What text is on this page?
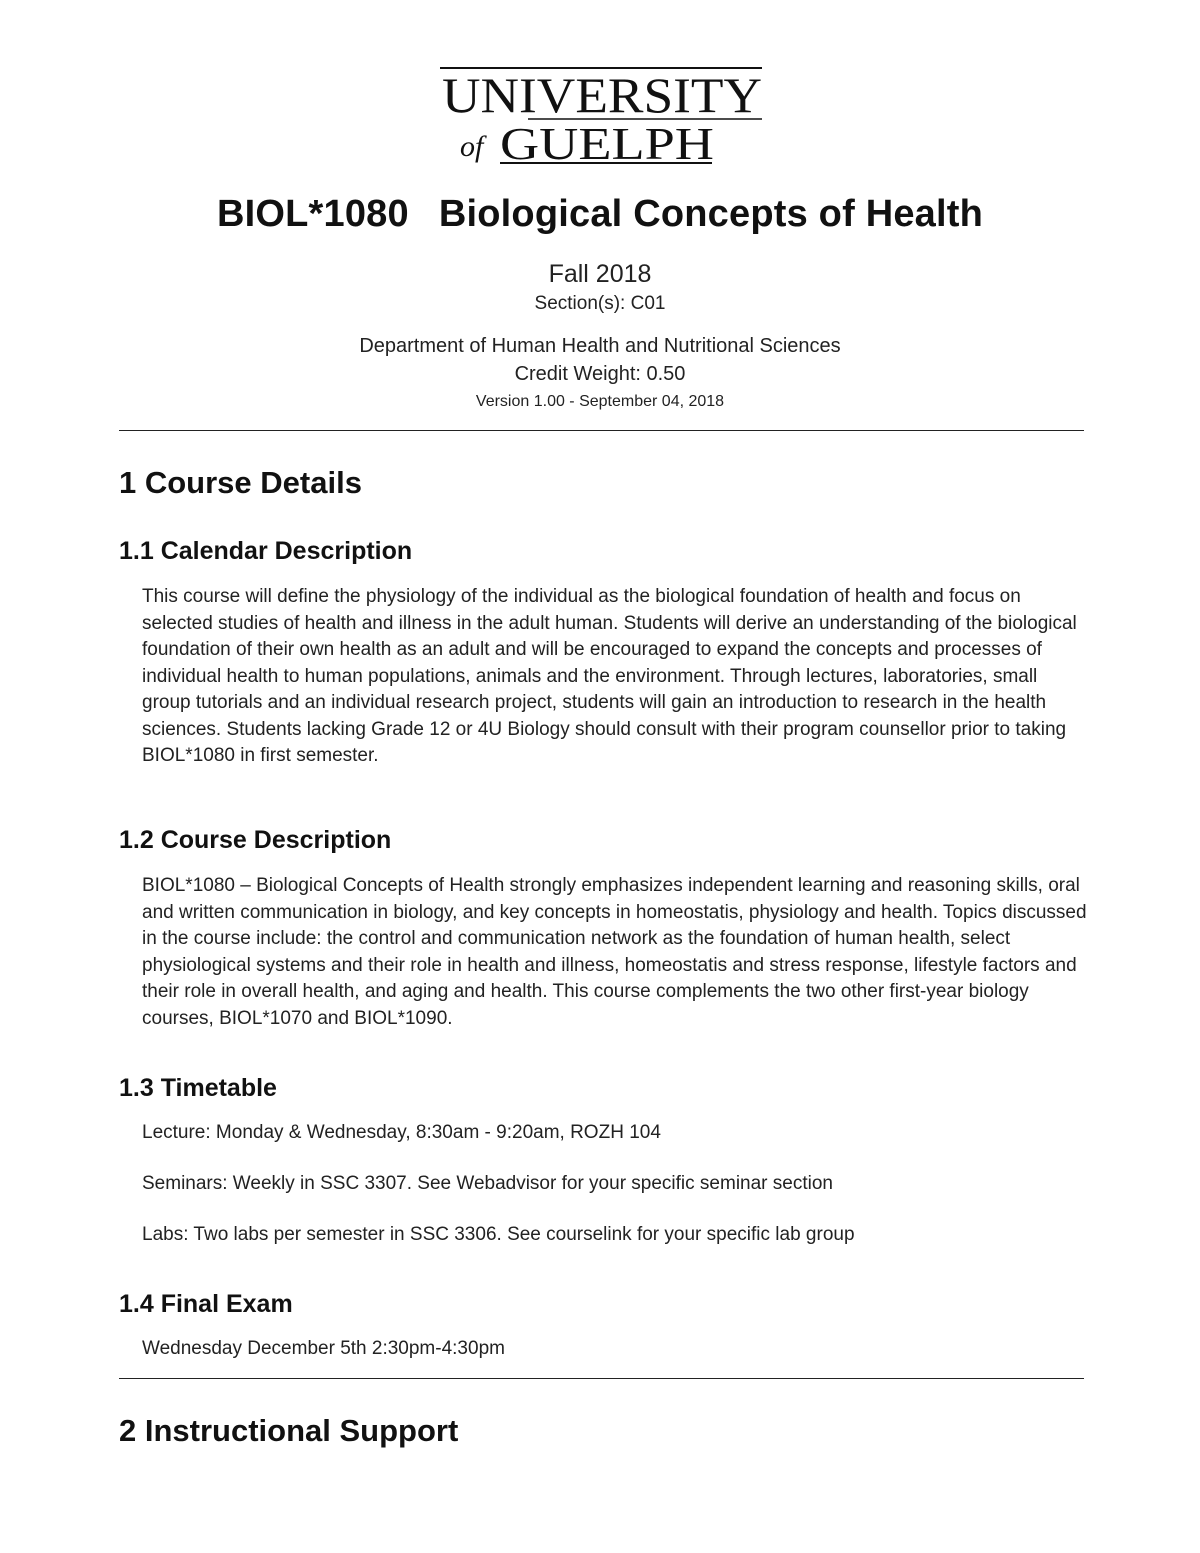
UNIVERSITY
of GUELPH
BIOL*1080 Biological Concepts of Health
Fall 2018
Section(s): C01
Department of Human Health and Nutritional Sciences
Credit Weight: 0.50
Version 1.00 - September 04, 2018
1 Course Details
1.1 Calendar Description
This course will define the physiology of the individual as the biological foundation of health and focus on selected studies of health and illness in the adult human. Students will derive an understanding of the biological foundation of their own health as an adult and will be encouraged to expand the concepts and processes of individual health to human populations, animals and the environment. Through lectures, laboratories, small group tutorials and an individual research project, students will gain an introduction to research in the health sciences. Students lacking Grade 12 or 4U Biology should consult with their program counsellor prior to taking BIOL*1080 in first semester.
1.2 Course Description
BIOL*1080 – Biological Concepts of Health strongly emphasizes independent learning and reasoning skills, oral and written communication in biology, and key concepts in homeostatis, physiology and health. Topics discussed in the course include: the control and communication network as the foundation of human health, select physiological systems and their role in health and illness, homeostatis and stress response, lifestyle factors and their role in overall health, and aging and health. This course complements the two other first-year biology courses, BIOL*1070 and BIOL*1090.
1.3 Timetable
Lecture: Monday & Wednesday, 8:30am - 9:20am, ROZH 104
Seminars: Weekly in SSC 3307. See Webadvisor for your specific seminar section
Labs: Two labs per semester in SSC 3306. See courselink for your specific lab group
1.4 Final Exam
Wednesday December 5th 2:30pm-4:30pm
2 Instructional Support
